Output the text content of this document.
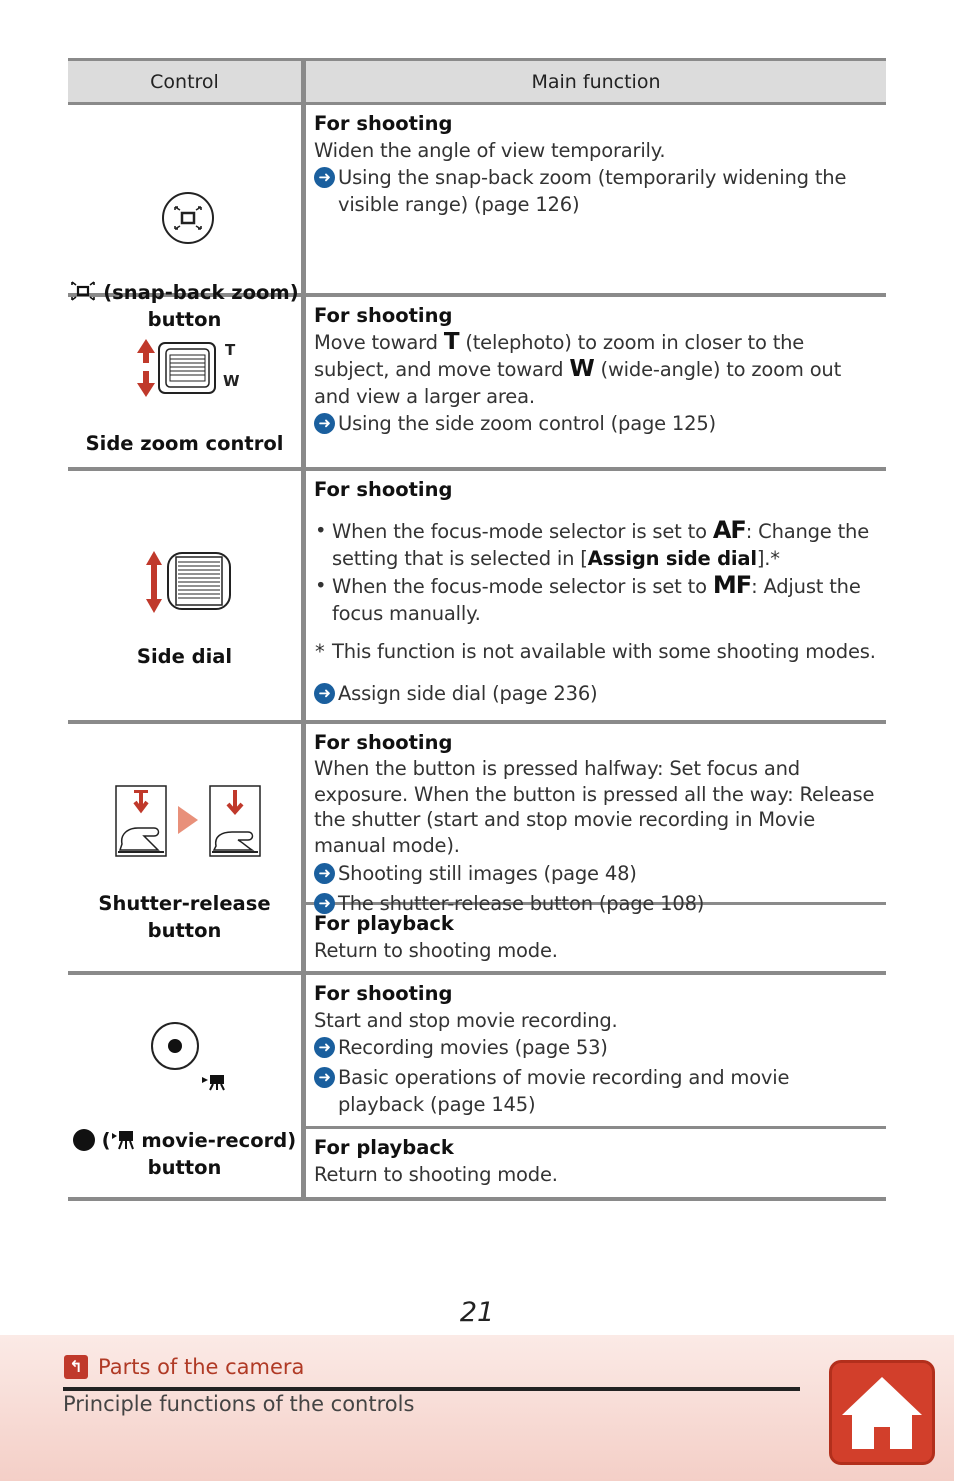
Control	Main function
(snap-back zoom)
button
For shooting
Widen the angle of view temporarily.
➜ Using the snap-back zoom (temporarily widening the visible range) (page 126)
T
W
Side zoom control
For shooting
Move toward T (telephoto) to zoom in closer to the subject, and move toward W (wide-angle) to zoom out and view a larger area.
➜ Using the side zoom control (page 125)
Side dial
For shooting
• When the focus-mode selector is set to AF: Change the setting that is selected in [Assign side dial].*
• When the focus-mode selector is set to MF: Adjust the focus manually.
* This function is not available with some shooting modes.
➜ Assign side dial (page 236)
Shutter-release
button
For shooting
When the button is pressed halfway: Set focus and exposure. When the button is pressed all the way: Release the shutter (start and stop movie recording in Movie manual mode).
➜ Shooting still images (page 48)
➜ The shutter-release button (page 108)
For playback
Return to shooting mode.
( movie-record)
button
For shooting
Start and stop movie recording.
➜ Recording movies (page 53)
➜ Basic operations of movie recording and movie playback (page 145)
For playback
Return to shooting mode.
21
↰ Parts of the camera
Principle functions of the controls
